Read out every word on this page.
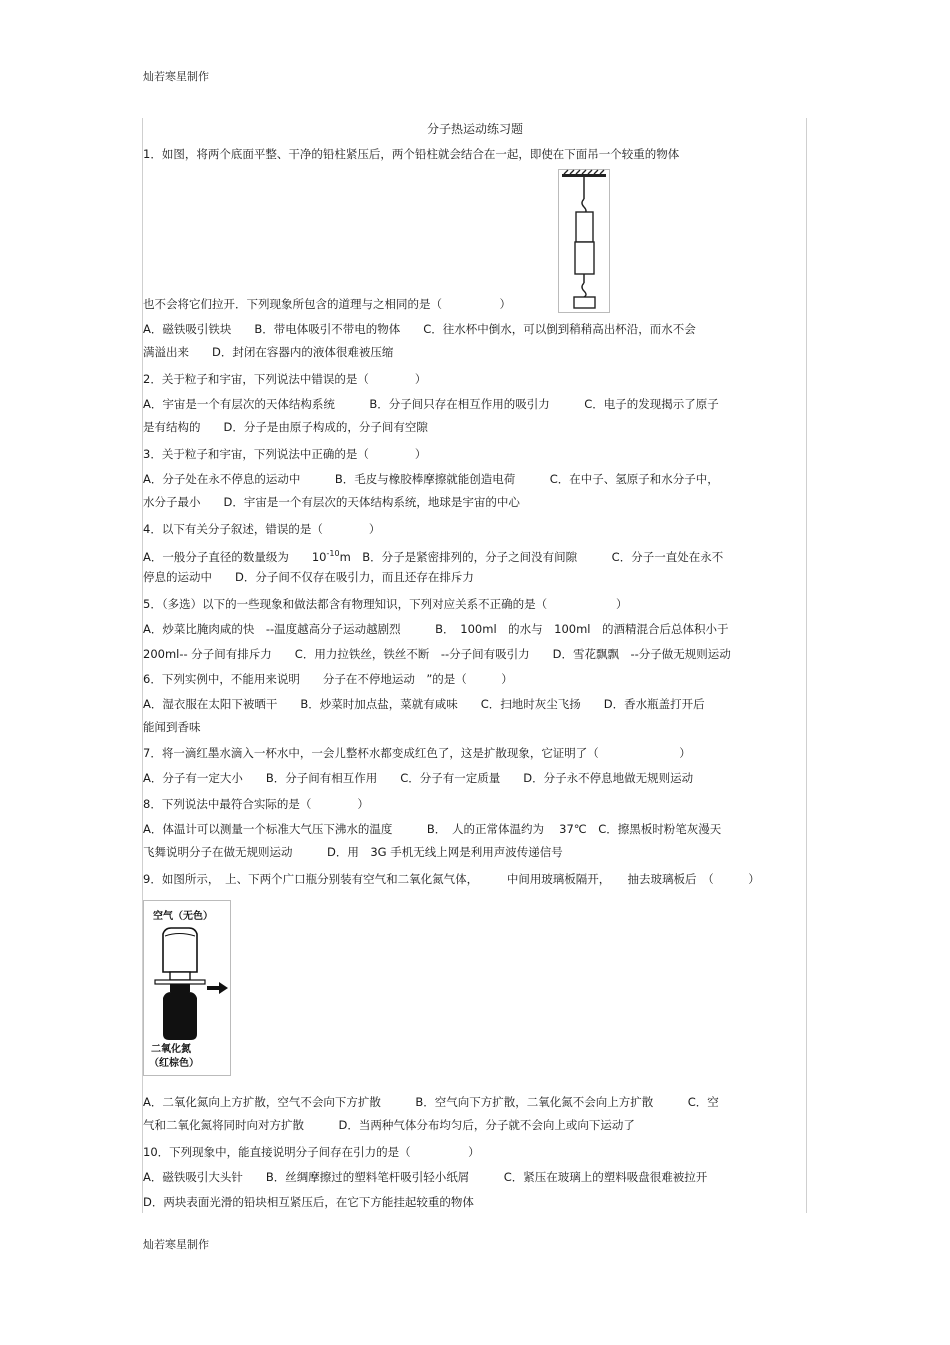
灿若寒星制作
分子热运动练习题
1．如图，将两个底面平整、干净的铅柱紧压后，两个铅柱就会结合在一起，即使在下面吊一个较重的物体
也不会将它们拉开．下列现象所包含的道理与之相同的是（　　　　　）
A．磁铁吸引铁块　　B．带电体吸引不带电的物体　　C．往水杯中倒水，可以倒到稍稍高出杯沿，而水不会
满溢出来　　D．封闭在容器内的液体很难被压缩
2．关于粒子和宇宙，下列说法中错误的是（　　　　）
A．宇宙是一个有层次的天体结构系统　　　B．分子间只存在相互作用的吸引力　　　C．电子的发现揭示了原子
是有结构的　　D．分子是由原子构成的，分子间有空隙
3．关于粒子和宇宙，下列说法中正确的是（　　　　）
A．分子处在永不停息的运动中　　　B．毛皮与橡胶棒摩擦就能创造电荷　　　C．在中子、氢原子和水分子中，
水分子最小　　D．宇宙是一个有层次的天体结构系统，地球是宇宙的中心
4．以下有关分子叙述，错误的是（　　　　）
A．一般分子直径的数量级为　　$10^{-10}m$　 B．分子是紧密排列的，分子之间没有间隙　　　C．分子一直处在永不
停息的运动中　　D．分子间不仅存在吸引力，而且还存在排斥力
5．（多选）以下的一些现象和做法都含有物理知识，下列对应关系不正确的是（　　　　　　）
A．炒菜比腌肉咸的快　--温度越高分子运动越剧烈　　　B．　100ml　的水与　100ml　的酒精混合后总体积小于
200ml-- 分子间有排斥力　　C．用力拉铁丝，铁丝不断　--分子间有吸引力　　D．雪花飘飘　--分子做无规则运动
6．下列实例中，不能用来说明　　分子在不停地运动　”的是（　　　）
A．湿衣服在太阳下被晒干　　B．炒菜时加点盐，菜就有咸味　　C．扫地时灰尘飞扬　　D．香水瓶盖打开后
能闻到香味
7．将一滴红墨水滴入一杯水中，一会儿整杯水都变成红色了，这是扩散现象，它证明了（　　　　　　　）
A．分子有一定大小　　B．分子间有相互作用　　C．分子有一定质量　　D．分子永不停息地做无规则运动
8．下列说法中最符合实际的是（　　　　）
A．体温计可以测量一个标准大气压下沸水的温度　　　B．　人的正常体温约为　 37℃　C．擦黑板时粉笔灰漫天
飞舞说明分子在做无规则运动　　　D．用　3G 手机无线上网是利用声波传递信号
9．如图所示，　上、下两个广口瓶分别装有空气和二氧化氮气体，　　　中间用玻璃板隔开，　　抽去玻璃板后　（　　　）
空气（无色）
二氧化氮
（红棕色）
A．二氧化氮向上方扩散，空气不会向下方扩散　　　B．空气向下方扩散，二氧化氮不会向上方扩散　　　C．空
气和二氧化氮将同时向对方扩散　　　D．当两种气体分布均匀后，分子就不会向上或向下运动了
10．下列现象中，能直接说明分子间存在引力的是（　　　　　）
A．磁铁吸引大头针　　B．丝绸摩擦过的塑料笔杆吸引轻小纸屑　　　C．紧压在玻璃上的塑料吸盘很难被拉开
D．两块表面光滑的铅块相互紧压后，在它下方能挂起较重的物体
灿若寒星制作
